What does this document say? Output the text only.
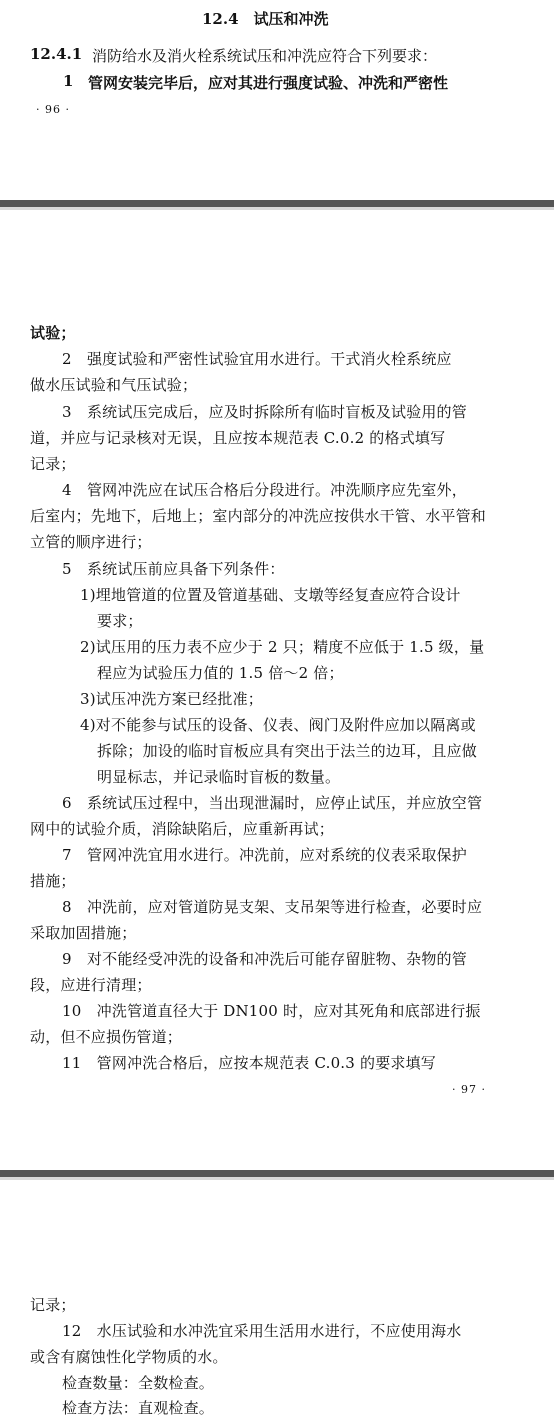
12.4　试压和冲洗
12.4.1 消防给水及消火栓系统试压和冲洗应符合下列要求：
1 管网安装完毕后，应对其进行强度试验、冲洗和严密性
· 96 ·
试验；
2　强度试验和严密性试验宜用水进行。干式消火栓系统应
做水压试验和气压试验；
3　系统试压完成后，应及时拆除所有临时盲板及试验用的管
道，并应与记录核对无误，且应按本规范表 C.0.2 的格式填写
记录；
4　管网冲洗应在试压合格后分段进行。冲洗顺序应先室外，
后室内；先地下，后地上；室内部分的冲洗应按供水干管、水平管和
立管的顺序进行；
5　系统试压前应具备下列条件：
1)埋地管道的位置及管道基础、支墩等经复查应符合设计
要求；
2)试压用的压力表不应少于 2 只；精度不应低于 1.5 级，量
程应为试验压力值的 1.5 倍～2 倍；
3)试压冲洗方案已经批准；
4)对不能参与试压的设备、仪表、阀门及附件应加以隔离或
拆除；加设的临时盲板应具有突出于法兰的边耳，且应做
明显标志，并记录临时盲板的数量。
6　系统试压过程中，当出现泄漏时，应停止试压，并应放空管
网中的试验介质，消除缺陷后，应重新再试；
7　管网冲洗宜用水进行。冲洗前，应对系统的仪表采取保护
措施；
8　冲洗前，应对管道防晃支架、支吊架等进行检查，必要时应
采取加固措施；
9　对不能经受冲洗的设备和冲洗后可能存留脏物、杂物的管
段，应进行清理；
10　冲洗管道直径大于 DN100 时，应对其死角和底部进行振
动，但不应损伤管道；
11　管网冲洗合格后，应按本规范表 C.0.3 的要求填写
· 97 ·
记录；
12　水压试验和水冲洗宜采用生活用水进行，不应使用海水
或含有腐蚀性化学物质的水。
检查数量：全数检查。
检查方法：直观检查。
